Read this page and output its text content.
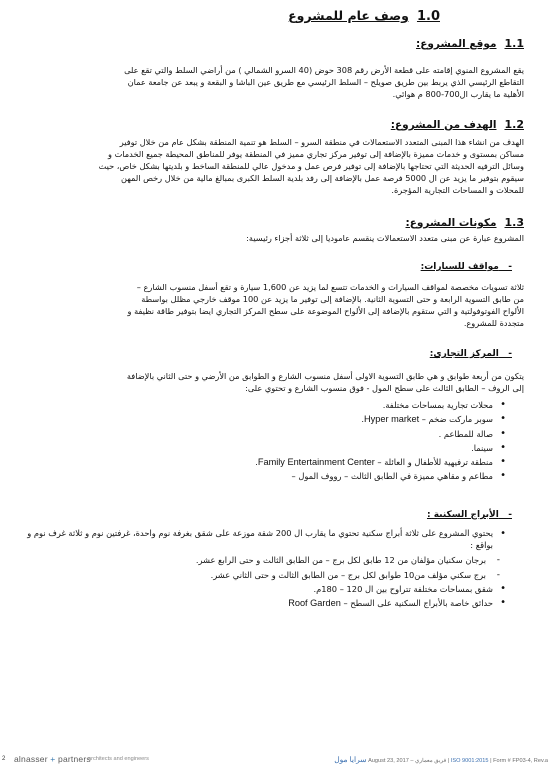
1.0وصف عام للمشروع
1.1موقع المشروع:
يقع المشروع المنوي إقامته على قطعة الأرض رقم 308 حوض (40 السرو الشمالي ) من أراضي السلط والتي تقع على
التقاطع الرئيسي الذي يربط بين طريق صويلح – السلط الرئيسي مع طريق عين الباشا و البقعة و يبعد عن جامعة عمان
الأهلية ما يقارب ال700-800 م هوائي.
1.2الهدف من المشروع:
الهدف من انشاء هذا المبنى المتعدد الاستعمالات في منطقة السرو – السلط هو تنمية المنطقة بشكل عام من خلال توفير
مساكن بمستوى و خدمات مميزة بالإضافة إلى توفير مركز تجاري مميز في المنطقة يوفر للمناطق المحيطة جميع الخدمات و
وسائل الترفيه الحديثة التي تحتاجها بالإضافة إلى توفير فرص عمل و مدخول عالي للمنطقة الساخط و بلديتها بشكل خاص، حيث
سيقوم بتوفير ما يزيد عن ال 5000 فرصة عمل بالإضافة إلى رفد بلدية السلط الكبرى بمبالغ مالية من خلال رخص المهن
للمحلات و المساحات التجارية المؤجرة.
1.3مكونات المشروع:
المشروع عبارة عن مبنى متعدد الاستعمالات ينقسم عاموديا إلى ثلاثة أجزاء رئيسية:
-   مواقف للسيارات:
ثلاثة تسويات مخصصة لمواقف السيارات و الخدمات تتسع لما يزيد عن 1,600 سيارة و تقع أسفل منسوب الشارع –
من طابق التسوية الرابعة و حتى التسوية الثانية. بالإضافة إلى توفير ما يزيد عن 100 موقف خارجي مظلل بواسطة
الألواح الفوتوفولتية و التي ستقوم بالإضافة إلى الألواح الموضوعة على سطح المركز التجاري ايضا بتوفير طاقة نظيفة و
متجددة للمشروع.
-   المركز التجاري:
يتكون من أربعة طوابق و هي طابق التسوية الاولى أسفل منسوب الشارع و الطوابق من الأرضي و حتى الثاني بالإضافة
إلى الروف – الطابق الثالث على سطح المول - فوق منسوب الشارع و تحتوي على:
• محلات تجارية بمساحات مختلفة.
• سوبر ماركت ضخم – Hyper market.
• صالة للمطاعم .
• سينما.
• منطقة ترفيهية للأطفال و العائلة – Family Entertainment Center.
• مطاعم و مقاهي مميزة في الطابق الثالث – رووف المول –
-   الأبراج السكنية :
• يحتوي المشروع على ثلاثة أبراج سكنية تحتوي ما يقارب ال 200 شقة موزعة على شقق بغرفة نوم واحدة، غرفتين نوم و ثلاثة غرف نوم و بواقع :
- برجان سكنيان مؤلفان من 12 طابق لكل برج – من الطابق الثالث و حتى الرابع عشر.
- برج سكني مؤلف من10 طوابق لكل برج – من الطابق الثالث و حتى الثاني عشر.
• شقق بمساحات مختلفة تتراوح بين ال 120 – 180م.
• حدائق خاصة بالأبراج السكنية على السطح – Roof Garden
2 alnasser + partners
architects and engineers	سرايا مول | فريق معماري – August 23, 2017 ISO 9001:2015 | Form # FP03-4, Rev.a
